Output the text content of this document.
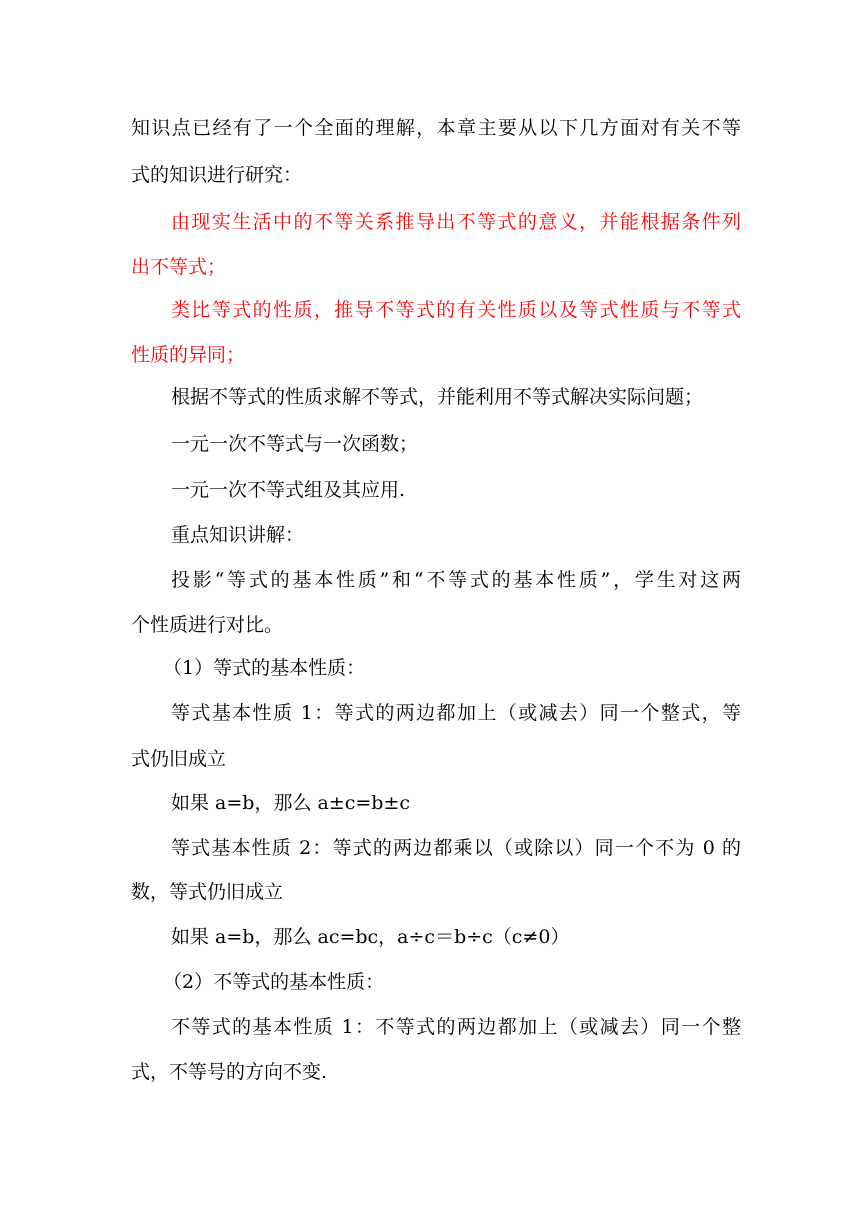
知识点已经有了一个全面的理解，本章主要从以下几方面对有关不等
式的知识进行研究：
由现实生活中的不等关系推导出不等式的意义，并能根据条件列
出不等式；
类比等式的性质，推导不等式的有关性质以及等式性质与不等式
性质的异同；
根据不等式的性质求解不等式，并能利用不等式解决实际问题；
一元一次不等式与一次函数；
一元一次不等式组及其应用.
重点知识讲解：
投影“等式的基本性质”和“不等式的基本性质”，学生对这两
个性质进行对比。
（1）等式的基本性质：
等式基本性质 1：等式的两边都加上（或减去）同一个整式，等
式仍旧成立
如果 a=b，那么 a±c=b±c
等式基本性质 2：等式的两边都乘以（或除以）同一个不为 0 的
数，等式仍旧成立
如果 a=b，那么 ac=bc，a÷c＝b÷c（c≠0）
（2）不等式的基本性质：
不等式的基本性质 1：不等式的两边都加上（或减去）同一个整
式，不等号的方向不变.
